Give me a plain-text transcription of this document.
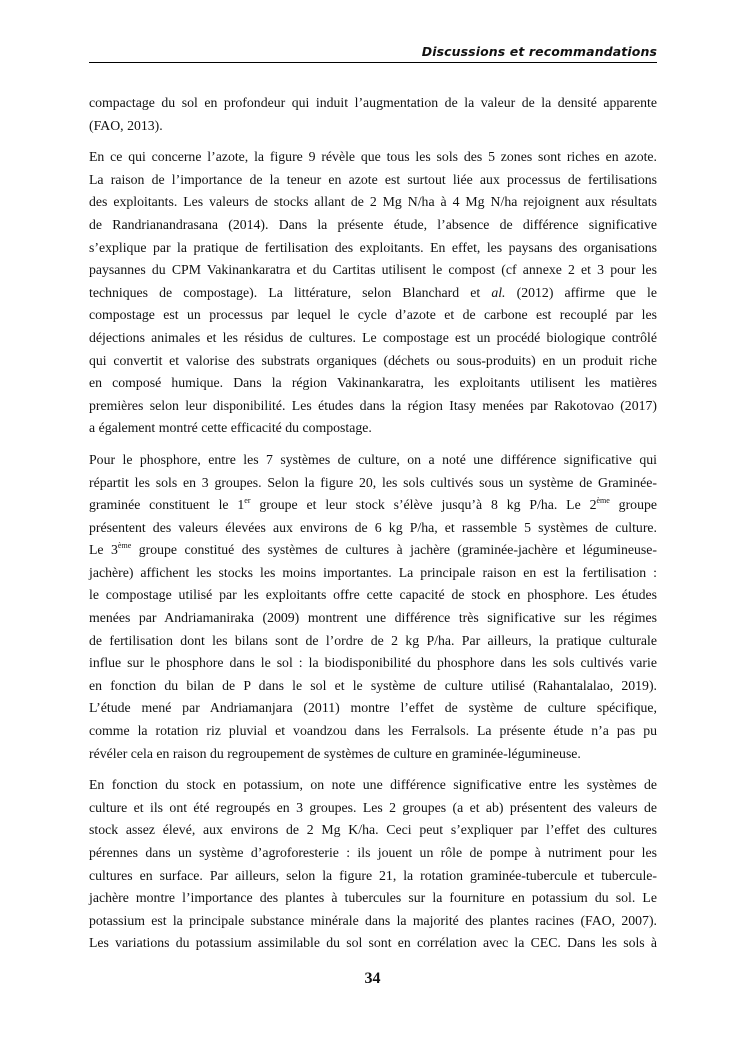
Discussions et recommandations

compactage du sol en profondeur qui induit l’augmentation de la valeur de la densité apparente
(FAO, 2013).

En ce qui concerne l’azote, la figure 9 révèle que tous les sols des 5 zones sont riches en azote.
La raison de l’importance de la teneur en azote est surtout liée aux processus de fertilisations
des exploitants. Les valeurs de stocks allant de 2 Mg N/ha à 4 Mg N/ha rejoignent aux résultats
de Randrianandrasana (2014). Dans la présente étude, l’absence de différence significative
s’explique par la pratique de fertilisation des exploitants. En effet, les paysans des organisations
paysannes du CPM Vakinankaratra et du Cartitas utilisent le compost (cf annexe 2 et 3 pour les
techniques de compostage). La littérature, selon Blanchard et al. (2012) affirme que le
compostage est un processus par lequel le cycle d’azote et de carbone est recouplé par les
déjections animales et les résidus de cultures. Le compostage est un procédé biologique contrôlé
qui convertit et valorise des substrats organiques (déchets ou sous-produits) en un produit riche
en composé humique. Dans la région Vakinankaratra, les exploitants utilisent les matières
premières selon leur disponibilité. Les études dans la région Itasy menées par Rakotovao (2017)
a également montré cette efficacité du compostage.

Pour le phosphore, entre les 7 systèmes de culture, on a noté une différence significative qui
répartit les sols en 3 groupes. Selon la figure 20, les sols cultivés sous un système de Graminée-
graminée constituent le 1er groupe et leur stock s’élève jusqu’à 8 kg P/ha. Le 2ème groupe
présentent des valeurs élevées aux environs de 6 kg P/ha, et rassemble 5 systèmes de culture.
Le 3ème groupe constitué des systèmes de cultures à jachère (graminée-jachère et légumineuse-
jachère) affichent les stocks les moins importantes. La principale raison en est la fertilisation :
le compostage utilisé par les exploitants offre cette capacité de stock en phosphore. Les études
menées par Andriamaniraka (2009) montrent une différence très significative sur les régimes
de fertilisation dont les bilans sont de l’ordre de 2 kg P/ha. Par ailleurs, la pratique culturale
influe sur le phosphore dans le sol : la biodisponibilité du phosphore dans les sols cultivés varie
en fonction du bilan de P dans le sol et le système de culture utilisé (Rahantalalao, 2019).
L’étude mené par Andriamanjara (2011) montre l’effet de système de culture spécifique,
comme la rotation riz pluvial et voandzou dans les Ferralsols. La présente étude n’a pas pu
révéler cela en raison du regroupement de systèmes de culture en graminée-légumineuse.

En fonction du stock en potassium, on note une différence significative entre les systèmes de
culture et ils ont été regroupés en 3 groupes. Les 2 groupes (a et ab) présentent des valeurs de
stock assez élevé, aux environs de 2 Mg K/ha. Ceci peut s’expliquer par l’effet des cultures
pérennes dans un système d’agroforesterie : ils jouent un rôle de pompe à nutriment pour les
cultures en surface. Par ailleurs, selon la figure 21, la rotation graminée-tubercule et tubercule-
jachère montre l’importance des plantes à tubercules sur la fourniture en potassium du sol. Le
potassium est la principale substance minérale dans la majorité des plantes racines (FAO, 2007).
Les variations du potassium assimilable du sol sont en corrélation avec la CEC. Dans les sols à

34
